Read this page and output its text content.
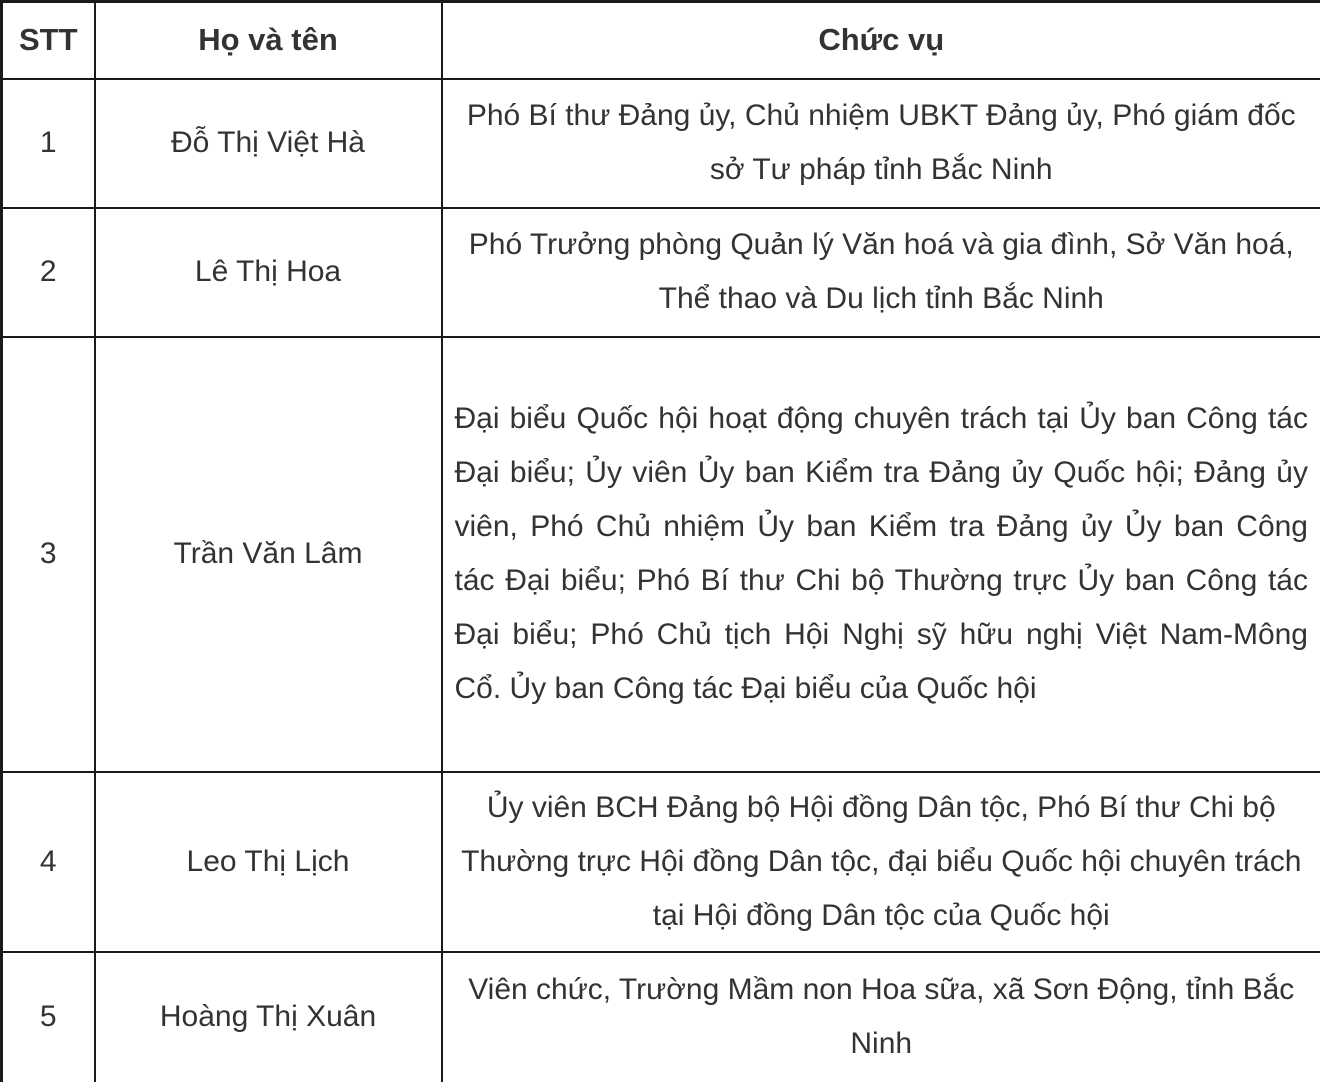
STT	Họ và tên	Chức vụ
1	Đỗ Thị Việt Hà	Phó Bí thư Đảng ủy, Chủ nhiệm UBKT Đảng ủy, Phó giám đốc sở Tư pháp tỉnh Bắc Ninh
2	Lê Thị Hoa	Phó Trưởng phòng Quản lý Văn hoá và gia đình, Sở Văn hoá, Thể thao và Du lịch tỉnh Bắc Ninh
3	Trần Văn Lâm	Đại biểu Quốc hội hoạt động chuyên trách tại Ủy ban Công tác Đại biểu; Ủy viên Ủy ban Kiểm tra Đảng ủy Quốc hội; Đảng ủy viên, Phó Chủ nhiệm Ủy ban Kiểm tra Đảng ủy Ủy ban Công tác Đại biểu; Phó Bí thư Chi bộ Thường trực Ủy ban Công tác Đại biểu; Phó Chủ tịch Hội Nghị sỹ hữu nghị Việt Nam-Mông Cổ. Ủy ban Công tác Đại biểu của Quốc hội
4	Leo Thị Lịch	Ủy viên BCH Đảng bộ Hội đồng Dân tộc, Phó Bí thư Chi bộ Thường trực Hội đồng Dân tộc, đại biểu Quốc hội chuyên trách tại Hội đồng Dân tộc của Quốc hội
5	Hoàng Thị Xuân	Viên chức, Trường Mầm non Hoa sữa, xã Sơn Động, tỉnh Bắc Ninh
